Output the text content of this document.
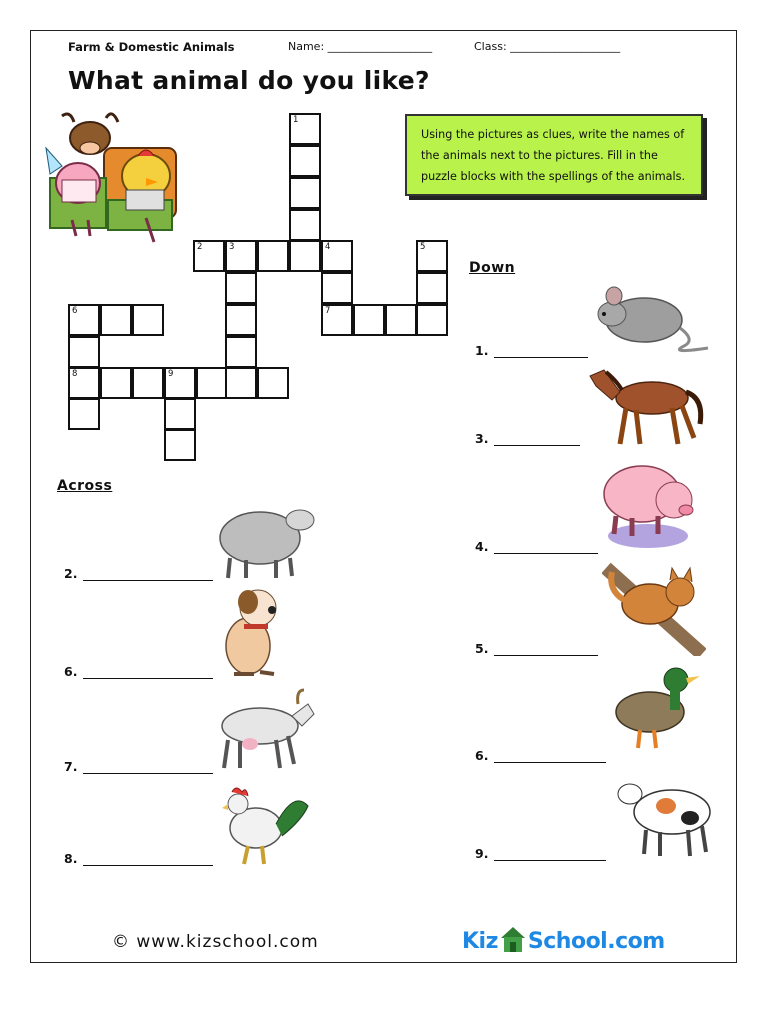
Farm & Domestic Animals	Name: ___________________	Class: ____________________
What animal do you like?
Using the pictures as clues, write the names of the animals next to the pictures. Fill in the puzzle blocks with the spellings of the animals.
1
2	3	4	5
7
6
8	9
Down
1.
3.
4.
5.
6.
9.
Across
2.
6.
7.
8.
© www.kizschool.com	Kiz School.com
